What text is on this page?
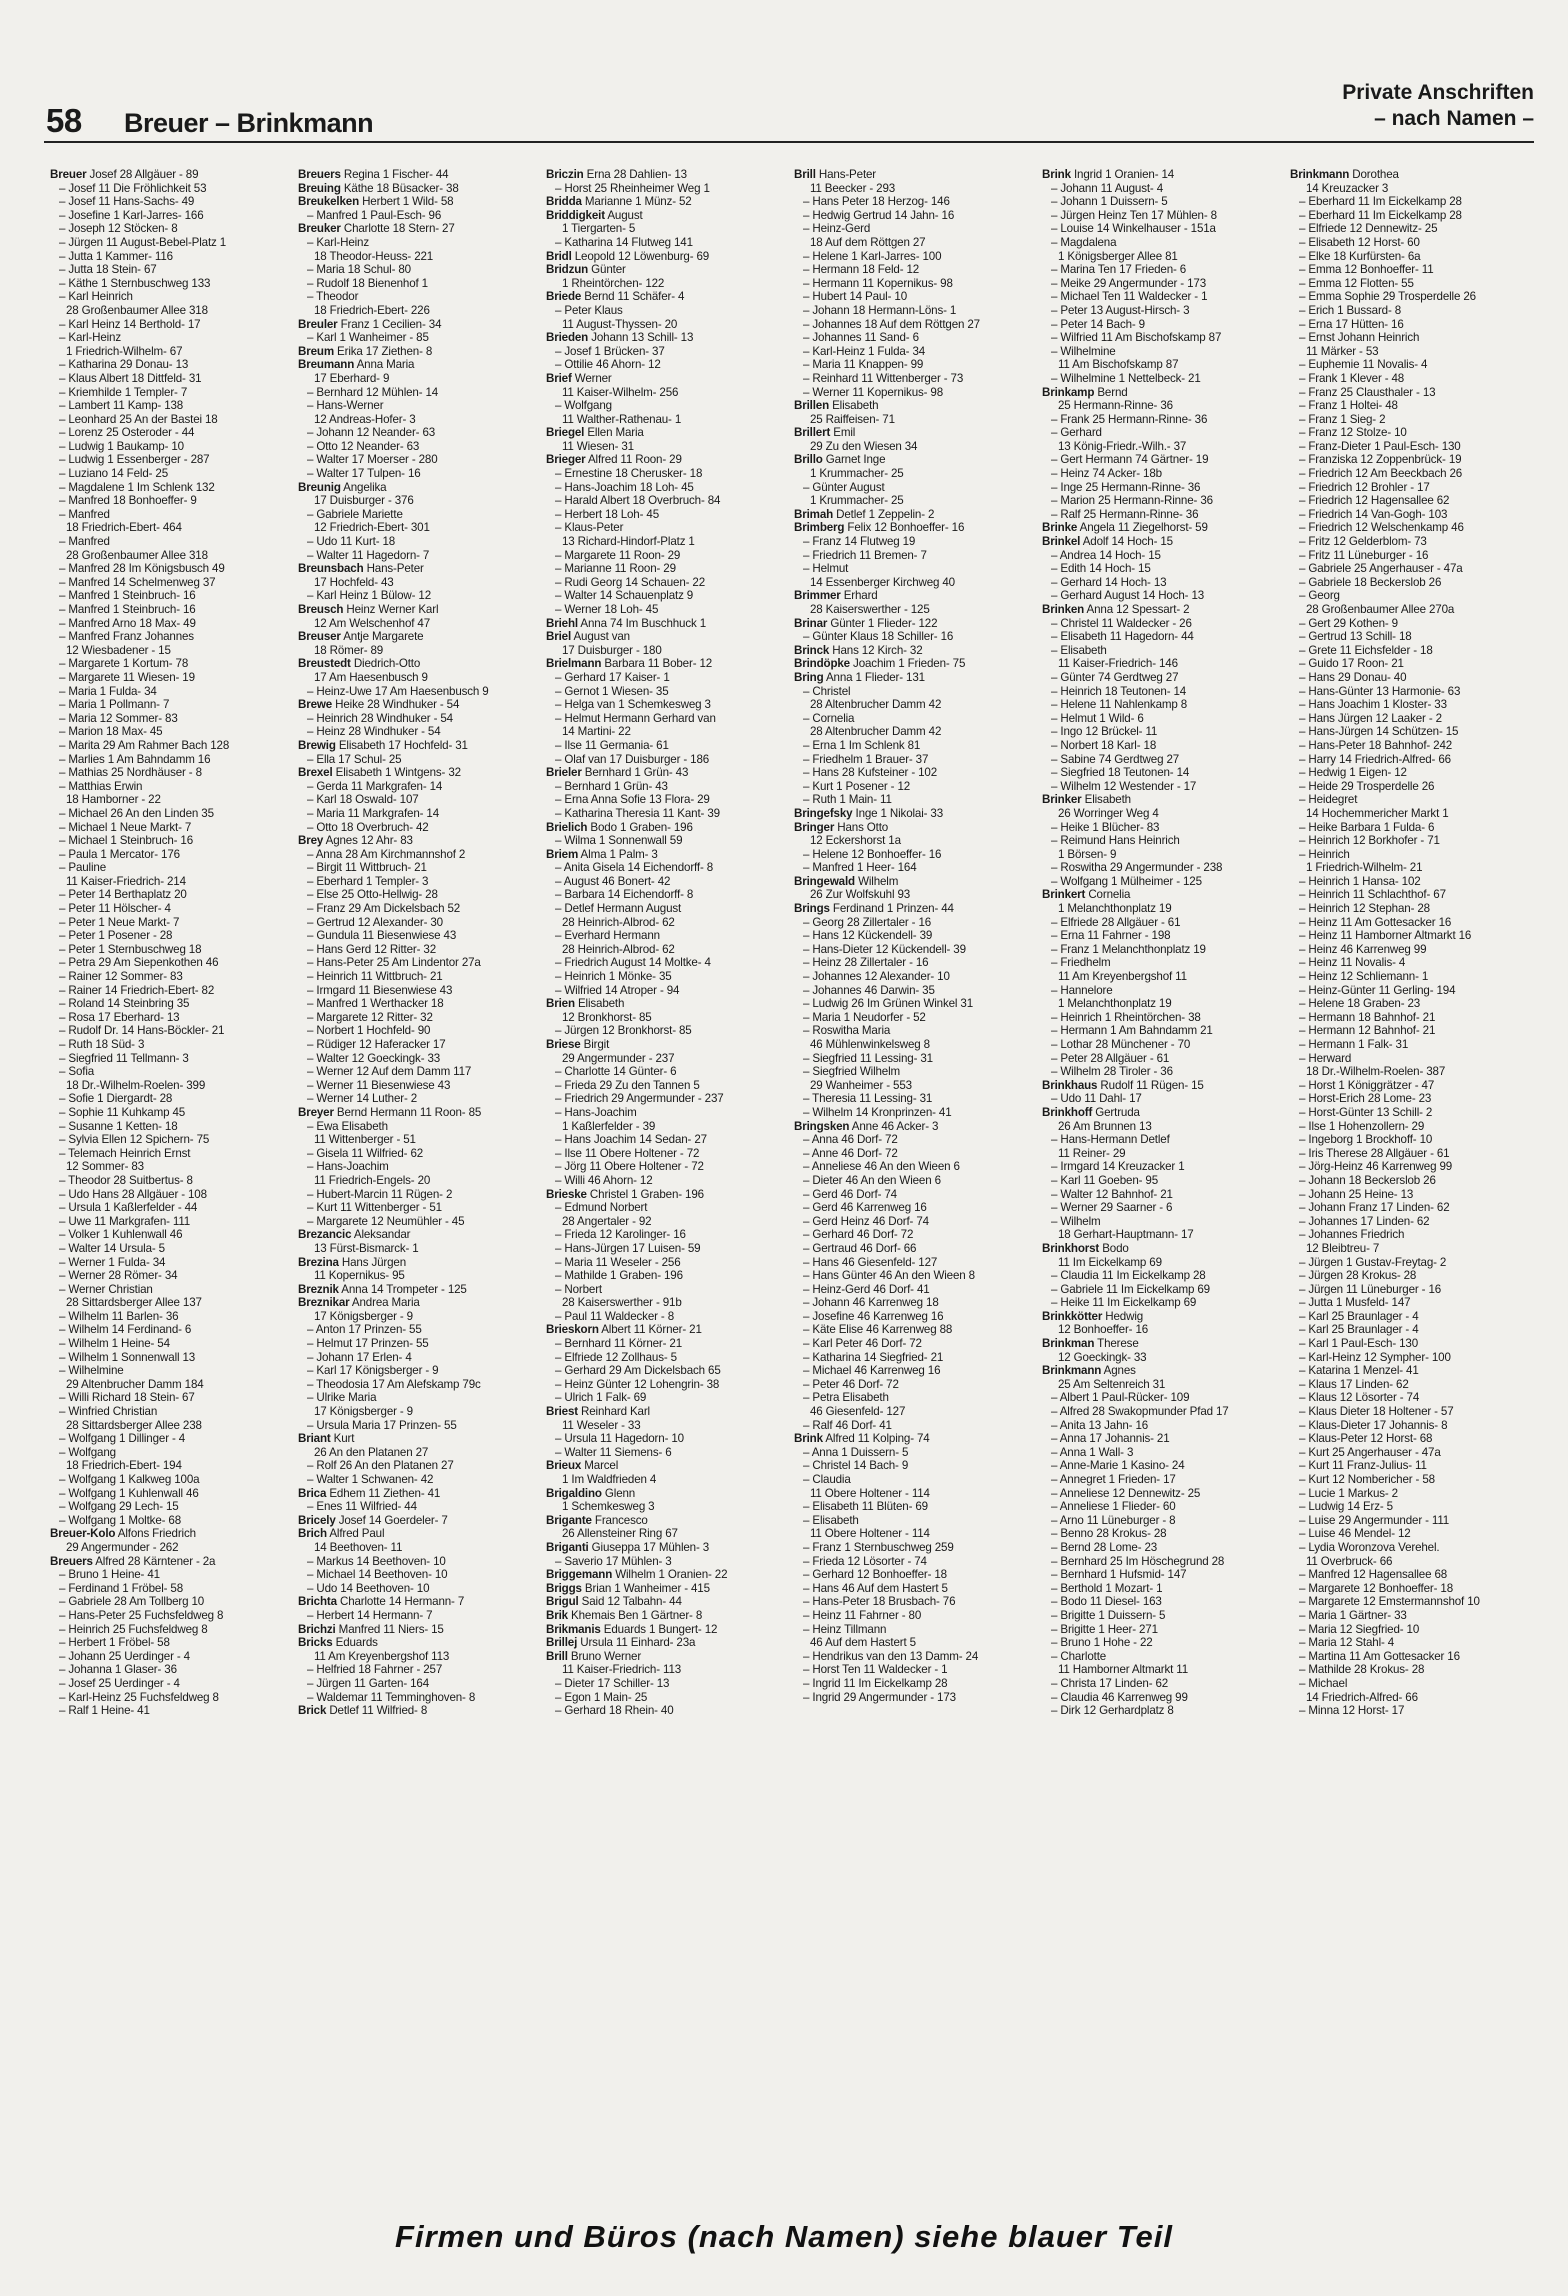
58 Breuer – Brinkmann
Private Anschriften
– nach Namen –
Breuer Josef 28 Allgäuer - 89
– Josef 11 Die Fröhlichkeit 53
– Josef 11 Hans-Sachs- 49
– Josefine 1 Karl-Jarres- 166
– Joseph 12 Stöcken- 8
– Jürgen 11 August-Bebel-Platz 1
– Jutta 1 Kammer- 116
– Jutta 18 Stein- 67
– Käthe 1 Sternbuschweg 133
– Karl Heinrich
28 Großenbaumer Allee 318
– Karl Heinz 14 Berthold- 17
– Karl-Heinz
1 Friedrich-Wilhelm- 67
– Katharina 29 Donau- 13
– Klaus Albert 18 Dittfeld- 31
– Kriemhilde 1 Templer- 7
– Lambert 11 Kamp- 138
– Leonhard 25 An der Bastei 18
– Lorenz 25 Osteroder - 44
– Ludwig 1 Baukamp- 10
– Ludwig 1 Essenberger - 287
– Luziano 14 Feld- 25
– Magdalene 1 Im Schlenk 132
– Manfred 18 Bonhoeffer- 9
– Manfred
18 Friedrich-Ebert- 464
– Manfred
28 Großenbaumer Allee 318
– Manfred 28 Im Königsbusch 49
– Manfred 14 Schelmenweg 37
– Manfred 1 Steinbruch- 16
– Manfred 1 Steinbruch- 16
– Manfred Arno 18 Max- 49
– Manfred Franz Johannes
12 Wiesbadener - 15
– Margarete 1 Kortum- 78
– Margarete 11 Wiesen- 19
– Maria 1 Fulda- 34
– Maria 1 Pollmann- 7
– Maria 12 Sommer- 83
– Marion 18 Max- 45
– Marita 29 Am Rahmer Bach 128
– Marlies 1 Am Bahndamm 16
– Mathias 25 Nordhäuser - 8
– Matthias Erwin
18 Hamborner - 22
– Michael 26 An den Linden 35
– Michael 1 Neue Markt- 7
– Michael 1 Steinbruch- 16
– Paula 1 Mercator- 176
– Pauline
11 Kaiser-Friedrich- 214
– Peter 14 Berthaplatz 20
– Peter 11 Hölscher- 4
– Peter 1 Neue Markt- 7
– Peter 1 Posener - 28
– Peter 1 Sternbuschweg 18
– Petra 29 Am Siepenkothen 46
– Rainer 12 Sommer- 83
– Rainer 14 Friedrich-Ebert- 82
– Roland 14 Steinbring 35
– Rosa 17 Eberhard- 13
– Rudolf Dr. 14 Hans-Böckler- 21
– Ruth 18 Süd- 3
– Siegfried 11 Tellmann- 3
– Sofia
18 Dr.-Wilhelm-Roelen- 399
– Sofie 1 Diergardt- 28
– Sophie 11 Kuhkamp 45
– Susanne 1 Ketten- 18
– Sylvia Ellen 12 Spichern- 75
– Telemach Heinrich Ernst
12 Sommer- 83
– Theodor 28 Suitbertus- 8
– Udo Hans 28 Allgäuer - 108
– Ursula 1 Kaßlerfelder - 44
– Uwe 11 Markgrafen- 111
– Volker 1 Kuhlenwall 46
– Walter 14 Ursula- 5
– Werner 1 Fulda- 34
– Werner 28 Römer- 34
– Werner Christian
28 Sittardsberger Allee 137
– Wilhelm 11 Barlen- 36
– Wilhelm 14 Ferdinand- 6
– Wilhelm 1 Heine- 54
– Wilhelm 1 Sonnenwall 13
– Wilhelmine
29 Altenbrucher Damm 184
– Willi Richard 18 Stein- 67
– Winfried Christian
28 Sittardsberger Allee 238
– Wolfgang 1 Dillinger - 4
– Wolfgang
18 Friedrich-Ebert- 194
– Wolfgang 1 Kalkweg 100a
– Wolfgang 1 Kuhlenwall 46
– Wolfgang 29 Lech- 15
– Wolfgang 1 Moltke- 68
Breuer-Kolo Alfons Friedrich
29 Angermunder - 262
Breuers Alfred 28 Kärntener - 2a
– Bruno 1 Heine- 41
– Ferdinand 1 Fröbel- 58
– Gabriele 28 Am Tollberg 10
– Hans-Peter 25 Fuchsfeldweg 8
– Heinrich 25 Fuchsfeldweg 8
– Herbert 1 Fröbel- 58
– Johann 25 Uerdinger - 4
– Johanna 1 Glaser- 36
– Josef 25 Uerdinger - 4
– Karl-Heinz 25 Fuchsfeldweg 8
– Ralf 1 Heine- 41
Breuers Regina 1 Fischer- 44
Breuing Käthe 18 Büsacker- 38
Breukelken Herbert 1 Wild- 58
– Manfred 1 Paul-Esch- 96
Breuker Charlotte 18 Stern- 27
– Karl-Heinz
18 Theodor-Heuss- 221
– Maria 18 Schul- 80
– Rudolf 18 Bienenhof 1
– Theodor
18 Friedrich-Ebert- 226
Breuler Franz 1 Cecilien- 34
– Karl 1 Wanheimer - 85
Breum Erika 17 Ziethen- 8
Breumann Anna Maria
17 Eberhard- 9
– Bernhard 12 Mühlen- 14
– Hans-Werner
12 Andreas-Hofer- 3
– Johann 12 Neander- 63
– Otto 12 Neander- 63
– Walter 17 Moerser - 280
– Walter 17 Tulpen- 16
Breunig Angelika
17 Duisburger - 376
– Gabriele Mariette
12 Friedrich-Ebert- 301
– Udo 11 Kurt- 18
– Walter 11 Hagedorn- 7
Breunsbach Hans-Peter
17 Hochfeld- 43
– Karl Heinz 1 Bülow- 12
Breusch Heinz Werner Karl
12 Am Welschenhof 47
Breuser Antje Margarete
18 Römer- 89
Breustedt Diedrich-Otto
17 Am Haesenbusch 9
– Heinz-Uwe 17 Am Haesenbusch 9
Brewe Heike 28 Windhuker - 54
– Heinrich 28 Windhuker - 54
– Heinz 28 Windhuker - 54
Brewig Elisabeth 17 Hochfeld- 31
– Ella 17 Schul- 25
Brexel Elisabeth 1 Wintgens- 32
– Gerda 11 Markgrafen- 14
– Karl 18 Oswald- 107
– Maria 11 Markgrafen- 14
– Otto 18 Overbruch- 42
Brey Agnes 12 Ahr- 83
– Anna 28 Am Kirchmannshof 2
– Birgit 11 Wittbruch- 21
– Eberhard 1 Templer- 3
– Else 25 Otto-Hellwig- 28
– Franz 29 Am Dickelsbach 52
– Gertrud 12 Alexander- 30
– Gundula 11 Biesenwiese 43
– Hans Gerd 12 Ritter- 32
– Hans-Peter 25 Am Lindentor 27a
– Heinrich 11 Wittbruch- 21
– Irmgard 11 Biesenwiese 43
– Manfred 1 Werthacker 18
– Margarete 12 Ritter- 32
– Norbert 1 Hochfeld- 90
– Rüdiger 12 Haferacker 17
– Walter 12 Goeckingk- 33
– Werner 12 Auf dem Damm 117
– Werner 11 Biesenwiese 43
– Werner 14 Luther- 2
Breyer Bernd Hermann 11 Roon- 85
– Ewa Elisabeth
11 Wittenberger - 51
– Gisela 11 Wilfried- 62
– Hans-Joachim
11 Friedrich-Engels- 20
– Hubert-Marcin 11 Rügen- 2
– Kurt 11 Wittenberger - 51
– Margarete 12 Neumühler - 45
Brezancic Aleksandar
13 Fürst-Bismarck- 1
Brezina Hans Jürgen
11 Kopernikus- 95
Breznik Anna 14 Trompeter - 125
Breznikar Andrea Maria
17 Königsberger - 9
– Anton 17 Prinzen- 55
– Helmut 17 Prinzen- 55
– Johann 17 Erlen- 4
– Karl 17 Königsberger - 9
– Theodosia 17 Am Alefskamp 79c
– Ulrike Maria
17 Königsberger - 9
– Ursula Maria 17 Prinzen- 55
Briant Kurt
26 An den Platanen 27
– Rolf 26 An den Platanen 27
– Walter 1 Schwanen- 42
Brica Edhem 11 Ziethen- 41
– Enes 11 Wilfried- 44
Bricely Josef 14 Goerdeler- 7
Brich Alfred Paul
14 Beethoven- 11
– Markus 14 Beethoven- 10
– Michael 14 Beethoven- 10
– Udo 14 Beethoven- 10
Brichta Charlotte 14 Hermann- 7
– Herbert 14 Hermann- 7
Brichzi Manfred 11 Niers- 15
Bricks Eduards
11 Am Kreyenbergshof 113
– Helfried 18 Fahrner - 257
– Jürgen 11 Garten- 164
– Waldemar 11 Temminghoven- 8
Brick Detlef 11 Wilfried- 8
Briczin Erna 28 Dahlien- 13
– Horst 25 Rheinheimer Weg 1
Bridda Marianne 1 Münz- 52
Briddigkeit August
1 Tiergarten- 5
– Katharina 14 Flutweg 141
Bridl Leopold 12 Löwenburg- 69
Bridzun Günter
1 Rheintörchen- 122
Briede Bernd 11 Schäfer- 4
– Peter Klaus
11 August-Thyssen- 20
Brieden Johann 13 Schill- 13
– Josef 1 Brücken- 37
– Ottilie 46 Ahorn- 12
Brief Werner
11 Kaiser-Wilhelm- 256
– Wolfgang
11 Walther-Rathenau- 1
Briegel Ellen Maria
11 Wiesen- 31
Brieger Alfred 11 Roon- 29
– Ernestine 18 Cherusker- 18
– Hans-Joachim 18 Loh- 45
– Harald Albert 18 Overbruch- 84
– Herbert 18 Loh- 45
– Klaus-Peter
13 Richard-Hindorf-Platz 1
– Margarete 11 Roon- 29
– Marianne 11 Roon- 29
– Rudi Georg 14 Schauen- 22
– Walter 14 Schauenplatz 9
– Werner 18 Loh- 45
Briehl Anna 74 Im Buschhuck 1
Briel August van
17 Duisburger - 180
Brielmann Barbara 11 Bober- 12
– Gerhard 17 Kaiser- 1
– Gernot 1 Wiesen- 35
– Helga van 1 Schemkesweg 3
– Helmut Hermann Gerhard van
14 Martini- 22
– Ilse 11 Germania- 61
– Olaf van 17 Duisburger - 186
Brieler Bernhard 1 Grün- 43
– Bernhard 1 Grün- 43
– Erna Anna Sofie 13 Flora- 29
– Katharina Theresia 11 Kant- 39
Brielich Bodo 1 Graben- 196
– Wilma 1 Sonnenwall 59
Briem Alma 1 Palm- 3
– Anita Gisela 14 Eichendorff- 8
– August 46 Bonert- 42
– Barbara 14 Eichendorff- 8
– Detlef Hermann August
28 Heinrich-Albrod- 62
– Everhard Hermann
28 Heinrich-Albrod- 62
– Friedrich August 14 Moltke- 4
– Heinrich 1 Mönke- 35
– Wilfried 14 Atroper - 94
Brien Elisabeth
12 Bronkhorst- 85
– Jürgen 12 Bronkhorst- 85
Briese Birgit
29 Angermunder - 237
– Charlotte 14 Günter- 6
– Frieda 29 Zu den Tannen 5
– Friedrich 29 Angermunder - 237
– Hans-Joachim
1 Kaßlerfelder - 39
– Hans Joachim 14 Sedan- 27
– Ilse 11 Obere Holtener - 72
– Jörg 11 Obere Holtener - 72
– Willi 46 Ahorn- 12
Brieske Christel 1 Graben- 196
– Edmund Norbert
28 Angertaler - 92
– Frieda 12 Karolinger- 16
– Hans-Jürgen 17 Luisen- 59
– Maria 11 Weseler - 256
– Mathilde 1 Graben- 196
– Norbert
28 Kaiserswerther - 91b
– Paul 11 Waldecker - 8
Brieskorn Albert 11 Körner- 21
– Bernhard 11 Körner- 21
– Elfriede 12 Zollhaus- 5
– Gerhard 29 Am Dickelsbach 65
– Heinz Günter 12 Lohengrin- 38
– Ulrich 1 Falk- 69
Briest Reinhard Karl
11 Weseler - 33
– Ursula 11 Hagedorn- 10
– Walter 11 Siemens- 6
Brieux Marcel
1 Im Waldfrieden 4
Brigaldino Glenn
1 Schemkesweg 3
Brigante Francesco
26 Allensteiner Ring 67
Briganti Giuseppa 17 Mühlen- 3
– Saverio 17 Mühlen- 3
Briggemann Wilhelm 1 Oranien- 22
Briggs Brian 1 Wanheimer - 415
Brigul Said 12 Talbahn- 44
Brik Khemais Ben 1 Gärtner- 8
Brikmanis Eduards 1 Bungert- 12
Brillej Ursula 11 Einhard- 23a
Brill Bruno Werner
11 Kaiser-Friedrich- 113
– Dieter 17 Schiller- 13
– Egon 1 Main- 25
– Gerhard 18 Rhein- 40
Brill Hans-Peter
11 Beecker - 293
– Hans Peter 18 Herzog- 146
– Hedwig Gertrud 14 Jahn- 16
– Heinz-Gerd
18 Auf dem Röttgen 27
– Helene 1 Karl-Jarres- 100
– Hermann 18 Feld- 12
– Hermann 11 Kopernikus- 98
– Hubert 14 Paul- 10
– Johann 18 Hermann-Löns- 1
– Johannes 18 Auf dem Röttgen 27
– Johannes 11 Sand- 6
– Karl-Heinz 1 Fulda- 34
– Maria 11 Knappen- 99
– Reinhard 11 Wittenberger - 73
– Werner 11 Kopernikus- 98
Brillen Elisabeth
25 Raiffeisen- 71
Brillert Emil
29 Zu den Wiesen 34
Brillo Garnet Inge
1 Krummacher- 25
– Günter August
1 Krummacher- 25
Brimah Detlef 1 Zeppelin- 2
Brimberg Felix 12 Bonhoeffer- 16
– Franz 14 Flutweg 19
– Friedrich 11 Bremen- 7
– Helmut
14 Essenberger Kirchweg 40
Brimmer Erhard
28 Kaiserswerther - 125
Brinar Günter 1 Flieder- 122
– Günter Klaus 18 Schiller- 16
Brinck Hans 12 Kirch- 32
Brindöpke Joachim 1 Frieden- 75
Bring Anna 1 Flieder- 131
– Christel
28 Altenbrucher Damm 42
– Cornelia
28 Altenbrucher Damm 42
– Erna 1 Im Schlenk 81
– Friedhelm 1 Brauer- 37
– Hans 28 Kufsteiner - 102
– Kurt 1 Posener - 12
– Ruth 1 Main- 11
Bringefsky Inge 1 Nikolai- 33
Bringer Hans Otto
12 Eckershorst 1a
– Helene 12 Bonhoeffer- 16
– Manfred 1 Heer- 164
Bringewald Wilhelm
26 Zur Wolfskuhl 93
Brings Ferdinand 1 Prinzen- 44
– Georg 28 Zillertaler - 16
– Hans 12 Kückendell- 39
– Hans-Dieter 12 Kückendell- 39
– Heinz 28 Zillertaler - 16
– Johannes 12 Alexander- 10
– Johannes 46 Darwin- 35
– Ludwig 26 Im Grünen Winkel 31
– Maria 1 Neudorfer - 52
– Roswitha Maria
46 Mühlenwinkelsweg 8
– Siegfried 11 Lessing- 31
– Siegfried Wilhelm
29 Wanheimer - 553
– Theresia 11 Lessing- 31
– Wilhelm 14 Kronprinzen- 41
Bringsken Anne 46 Acker- 3
– Anna 46 Dorf- 72
– Anne 46 Dorf- 72
– Anneliese 46 An den Wieen 6
– Dieter 46 An den Wieen 6
– Gerd 46 Dorf- 74
– Gerd 46 Karrenweg 16
– Gerd Heinz 46 Dorf- 74
– Gerhard 46 Dorf- 72
– Gertraud 46 Dorf- 66
– Hans 46 Giesenfeld- 127
– Hans Günter 46 An den Wieen 8
– Heinz-Gerd 46 Dorf- 41
– Johann 46 Karrenweg 18
– Josefine 46 Karrenweg 16
– Käte Elise 46 Karrenweg 88
– Karl Peter 46 Dorf- 72
– Katharina 14 Siegfried- 21
– Michael 46 Karrenweg 16
– Peter 46 Dorf- 72
– Petra Elisabeth
46 Giesenfeld- 127
– Ralf 46 Dorf- 41
Brink Alfred 11 Kolping- 74
– Anna 1 Duissern- 5
– Christel 14 Bach- 9
– Claudia
11 Obere Holtener - 114
– Elisabeth 11 Blüten- 69
– Elisabeth
11 Obere Holtener - 114
– Franz 1 Sternbuschweg 259
– Frieda 12 Lösorter - 74
– Gerhard 12 Bonhoeffer- 18
– Hans 46 Auf dem Hastert 5
– Hans-Peter 18 Brusbach- 76
– Heinz 11 Fahrner - 80
– Heinz Tillmann
46 Auf dem Hastert 5
– Hendrikus van den 13 Damm- 24
– Horst Ten 11 Waldecker - 1
– Ingrid 11 Im Eickelkamp 28
– Ingrid 29 Angermunder - 173
Brink Ingrid 1 Oranien- 14
– Johann 11 August- 4
– Johann 1 Duissern- 5
– Jürgen Heinz Ten 17 Mühlen- 8
– Louise 14 Winkelhauser - 151a
– Magdalena
1 Königsberger Allee 81
– Marina Ten 17 Frieden- 6
– Meike 29 Angermunder - 173
– Michael Ten 11 Waldecker - 1
– Peter 13 August-Hirsch- 3
– Peter 14 Bach- 9
– Wilfried 11 Am Bischofskamp 87
– Wilhelmine
11 Am Bischofskamp 87
– Wilhelmine 1 Nettelbeck- 21
Brinkamp Bernd
25 Hermann-Rinne- 36
– Frank 25 Hermann-Rinne- 36
– Gerhard
13 König-Friedr.-Wilh.- 37
– Gert Hermann 74 Gärtner- 19
– Heinz 74 Acker- 18b
– Inge 25 Hermann-Rinne- 36
– Marion 25 Hermann-Rinne- 36
– Ralf 25 Hermann-Rinne- 36
Brinke Angela 11 Ziegelhorst- 59
Brinkel Adolf 14 Hoch- 15
– Andrea 14 Hoch- 15
– Edith 14 Hoch- 15
– Gerhard 14 Hoch- 13
– Gerhard August 14 Hoch- 13
Brinken Anna 12 Spessart- 2
– Christel 11 Waldecker - 26
– Elisabeth 11 Hagedorn- 44
– Elisabeth
11 Kaiser-Friedrich- 146
– Günter 74 Gerdtweg 27
– Heinrich 18 Teutonen- 14
– Helene 11 Nahlenkamp 8
– Helmut 1 Wild- 6
– Ingo 12 Brückel- 11
– Norbert 18 Karl- 18
– Sabine 74 Gerdtweg 27
– Siegfried 18 Teutonen- 14
– Wilhelm 12 Westender - 17
Brinker Elisabeth
26 Worringer Weg 4
– Heike 1 Blücher- 83
– Reimund Hans Heinrich
1 Börsen- 9
– Roswitha 29 Angermunder - 238
– Wolfgang 1 Mülheimer - 125
Brinkert Cornelia
1 Melanchthonplatz 19
– Elfriede 28 Allgäuer - 61
– Erna 11 Fahrner - 198
– Franz 1 Melanchthonplatz 19
– Friedhelm
11 Am Kreyenbergshof 11
– Hannelore
1 Melanchthonplatz 19
– Heinrich 1 Rheintörchen- 38
– Hermann 1 Am Bahndamm 21
– Lothar 28 Münchener - 70
– Peter 28 Allgäuer - 61
– Wilhelm 28 Tiroler - 36
Brinkhaus Rudolf 11 Rügen- 15
– Udo 11 Dahl- 17
Brinkhoff Gertruda
26 Am Brunnen 13
– Hans-Hermann Detlef
11 Reiner- 29
– Irmgard 14 Kreuzacker 1
– Karl 11 Goeben- 95
– Walter 12 Bahnhof- 21
– Werner 29 Saarner - 6
– Wilhelm
18 Gerhart-Hauptmann- 17
Brinkhorst Bodo
11 Im Eickelkamp 69
– Claudia 11 Im Eickelkamp 28
– Gabriele 11 Im Eickelkamp 69
– Heike 11 Im Eickelkamp 69
Brinkkötter Hedwig
12 Bonhoeffer- 16
Brinkman Therese
12 Goeckingk- 33
Brinkmann Agnes
25 Am Seltenreich 31
– Albert 1 Paul-Rücker- 109
– Alfred 28 Swakopmunder Pfad 17
– Anita 13 Jahn- 16
– Anna 17 Johannis- 21
– Anna 1 Wall- 3
– Anne-Marie 1 Kasino- 24
– Annegret 1 Frieden- 17
– Anneliese 12 Dennewitz- 25
– Anneliese 1 Flieder- 60
– Arno 11 Lüneburger - 8
– Benno 28 Krokus- 28
– Bernd 28 Lome- 23
– Bernhard 25 Im Höschegrund 28
– Bernhard 1 Hufsmid- 147
– Berthold 1 Mozart- 1
– Bodo 11 Diesel- 163
– Brigitte 1 Duissern- 5
– Brigitte 1 Heer- 271
– Bruno 1 Hohe - 22
– Charlotte
11 Hamborner Altmarkt 11
– Christa 17 Linden- 62
– Claudia 46 Karrenweg 99
– Dirk 12 Gerhardplatz 8
Brinkmann Dorothea
14 Kreuzacker 3
– Eberhard 11 Im Eickelkamp 28
– Eberhard 11 Im Eickelkamp 28
– Elfriede 12 Dennewitz- 25
– Elisabeth 12 Horst- 60
– Elke 18 Kurfürsten- 6a
– Emma 12 Bonhoeffer- 11
– Emma 12 Flotten- 55
– Emma Sophie 29 Trosperdelle 26
– Erich 1 Bussard- 8
– Erna 17 Hütten- 16
– Ernst Johann Heinrich
11 Märker - 53
– Euphemie 11 Novalis- 4
– Frank 1 Klever - 48
– Franz 25 Clausthaler - 13
– Franz 1 Holtei- 48
– Franz 1 Sieg- 2
– Franz 12 Stolze- 10
– Franz-Dieter 1 Paul-Esch- 130
– Franziska 12 Zoppenbrück- 19
– Friedrich 12 Am Beeckbach 26
– Friedrich 12 Brohler - 17
– Friedrich 12 Hagensallee 62
– Friedrich 14 Van-Gogh- 103
– Friedrich 12 Welschenkamp 46
– Fritz 12 Gelderblom- 73
– Fritz 11 Lüneburger - 16
– Gabriele 25 Angerhauser - 47a
– Gabriele 18 Beckerslob 26
– Georg
28 Großenbaumer Allee 270a
– Gert 29 Kothen- 9
– Gertrud 13 Schill- 18
– Grete 11 Eichsfelder - 18
– Guido 17 Roon- 21
– Hans 29 Donau- 40
– Hans-Günter 13 Harmonie- 63
– Hans Joachim 1 Kloster- 33
– Hans Jürgen 12 Laaker - 2
– Hans-Jürgen 14 Schützen- 15
– Hans-Peter 18 Bahnhof- 242
– Harry 14 Friedrich-Alfred- 66
– Hedwig 1 Eigen- 12
– Heide 29 Trosperdelle 26
– Heidegret
14 Hochemmericher Markt 1
– Heike Barbara 1 Fulda- 6
– Heinrich 12 Borkhofer - 71
– Heinrich
1 Friedrich-Wilhelm- 21
– Heinrich 1 Hansa- 102
– Heinrich 11 Schlachthof- 67
– Heinrich 12 Stephan- 28
– Heinz 11 Am Gottesacker 16
– Heinz 11 Hamborner Altmarkt 16
– Heinz 46 Karrenweg 99
– Heinz 11 Novalis- 4
– Heinz 12 Schliemann- 1
– Heinz-Günter 11 Gerling- 194
– Helene 18 Graben- 23
– Hermann 18 Bahnhof- 21
– Hermann 12 Bahnhof- 21
– Hermann 1 Falk- 31
– Herward
18 Dr.-Wilhelm-Roelen- 387
– Horst 1 Königgrätzer - 47
– Horst-Erich 28 Lome- 23
– Horst-Günter 13 Schill- 2
– Ilse 1 Hohenzollern- 29
– Ingeborg 1 Brockhoff- 10
– Iris Therese 28 Allgäuer - 61
– Jörg-Heinz 46 Karrenweg 99
– Johann 18 Beckerslob 26
– Johann 25 Heine- 13
– Johann Franz 17 Linden- 62
– Johannes 17 Linden- 62
– Johannes Friedrich
12 Bleibtreu- 7
– Jürgen 1 Gustav-Freytag- 2
– Jürgen 28 Krokus- 28
– Jürgen 11 Lüneburger - 16
– Jutta 1 Musfeld- 147
– Karl 25 Braunlager - 4
– Karl 25 Braunlager - 4
– Karl 1 Paul-Esch- 130
– Karl-Heinz 12 Sympher- 100
– Katarina 1 Menzel- 41
– Klaus 17 Linden- 62
– Klaus 12 Lösorter - 74
– Klaus Dieter 18 Holtener - 57
– Klaus-Dieter 17 Johannis- 8
– Klaus-Peter 12 Horst- 68
– Kurt 25 Angerhauser - 47a
– Kurt 11 Franz-Julius- 11
– Kurt 12 Nombericher - 58
– Lucie 1 Markus- 2
– Ludwig 14 Erz- 5
– Luise 29 Angermunder - 111
– Luise 46 Mendel- 12
– Lydia Woronzova Verehel.
11 Overbruck- 66
– Manfred 12 Hagensallee 68
– Margarete 12 Bonhoeffer- 18
– Margarete 12 Emstermannshof 10
– Maria 1 Gärtner- 33
– Maria 12 Siegfried- 10
– Maria 12 Stahl- 4
– Martina 11 Am Gottesacker 16
– Mathilde 28 Krokus- 28
– Michael
14 Friedrich-Alfred- 66
– Minna 12 Horst- 17
Firmen und Büros (nach Namen) siehe blauer Teil
